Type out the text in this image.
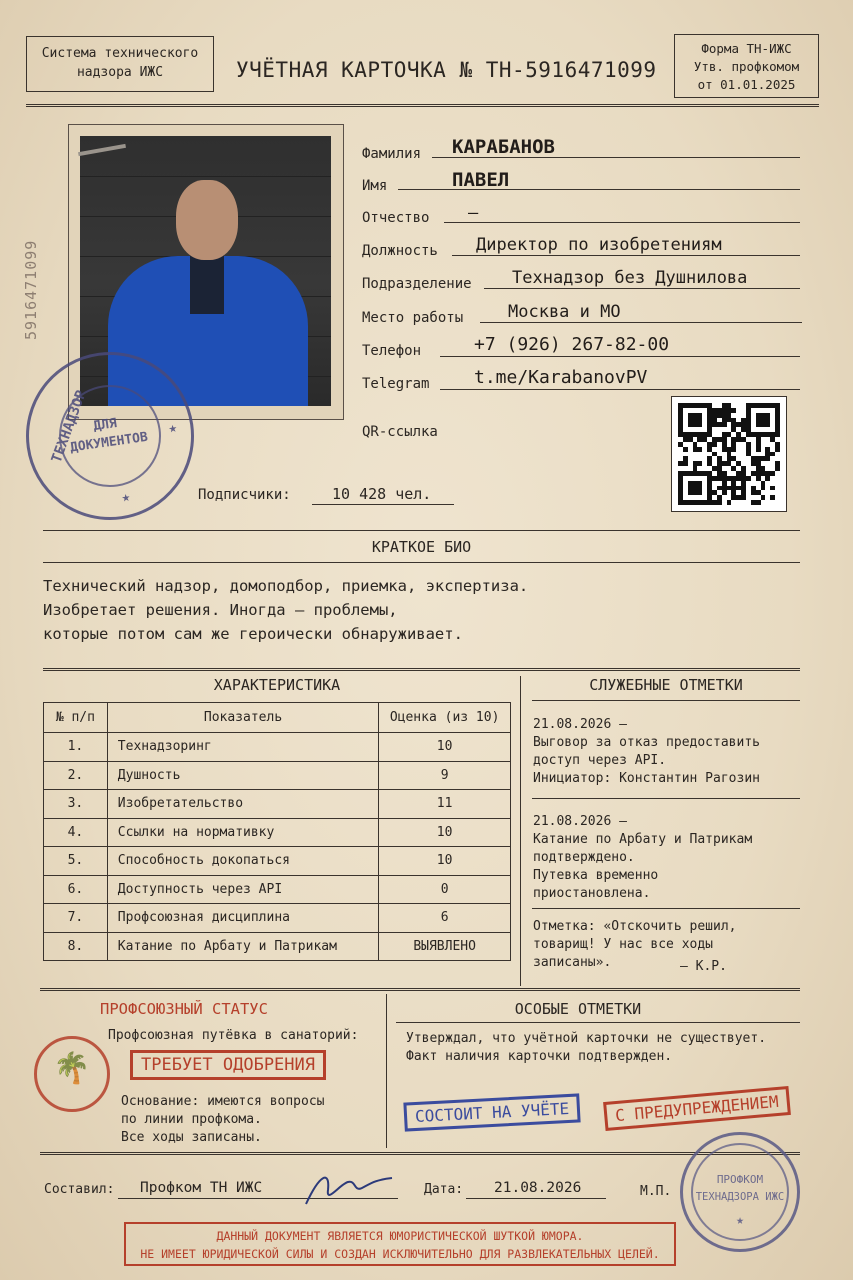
Система технического
надзора ИЖС	УЧЁТНАЯ КАРТОЧКА № ТН-5916471099
Форма ТН-ИЖС
Утв. профкомом
от 01.01.2025
5916471099
ТЕХНАДЗОР ДЛЯ
ДОКУМЕНТОВ
★
★
Фамилия КАРАБАНОВ
Имя	ПАВЕЛ
Отчество –
Должность Директор по изобретениям
Подразделение Технадзор без Душнилова
Место работы	Москва и МО
Телефон	+7 (926) 267-82-00
Telegram t.me/KarabanovPV
QR-ссылка
Подписчики:	10 428 чел.
КРАТКОЕ БИО
Технический надзор, домоподбор, приемка, экспертиза.
Изобретает решения. Иногда – проблемы,
которые потом сам же героически обнаруживает.
ХАРАКТЕРИСТИКА
№ п/п	Показатель	Оценка (из 10)
1.	Технадзоринг	10
2.	Душность	9
3.	Изобретательство	11
4.	Ссылки на нормативку	10
5.	Способность докопаться	10
6.	Доступность через API	0
7.	Профсоюзная дисциплина	6
8.	Катание по Арбату и Патрикам	ВЫЯВЛЕНО
СЛУЖЕБНЫЕ ОТМЕТКИ
21.08.2026 –
Выговор за отказ предоставить
доступ через API.
Инициатор: Константин Рагозин
21.08.2026 –
Катание по Арбату и Патрикам
подтверждено.
Путевка временно
приостановлена.
Отметка: «Отскочить решил,
товарищ! У нас все ходы
записаны».	— К.Р.
ПРОФСОЮЗНЫЙ СТАТУС
Профсоюзная путёвка в санаторий:
🌴	ТРЕБУЕТ ОДОБРЕНИЯ
Основание: имеются вопросы
по линии профкома.
Все ходы записаны.
ОСОБЫЕ ОТМЕТКИ
Утверждал, что учётной карточки не существует.
Факт наличия карточки подтвержден.
СОСТОИТ НА УЧЁТЕ	С ПРЕДУПРЕЖДЕНИЕМ
Составил: Профком ТН ИЖС	Дата: 21.08.2026	М.П.
ПРОФКОМ
ТЕХНАДЗОРА ИЖС
★
ДАННЫЙ ДОКУМЕНТ ЯВЛЯЕТСЯ ЮМОРИСТИЧЕСКОЙ ШУТКОЙ ЮМОРА.
НЕ ИМЕЕТ ЮРИДИЧЕСКОЙ СИЛЫ И СОЗДАН ИСКЛЮЧИТЕЛЬНО ДЛЯ РАЗВЛЕКАТЕЛЬНЫХ ЦЕЛЕЙ.
